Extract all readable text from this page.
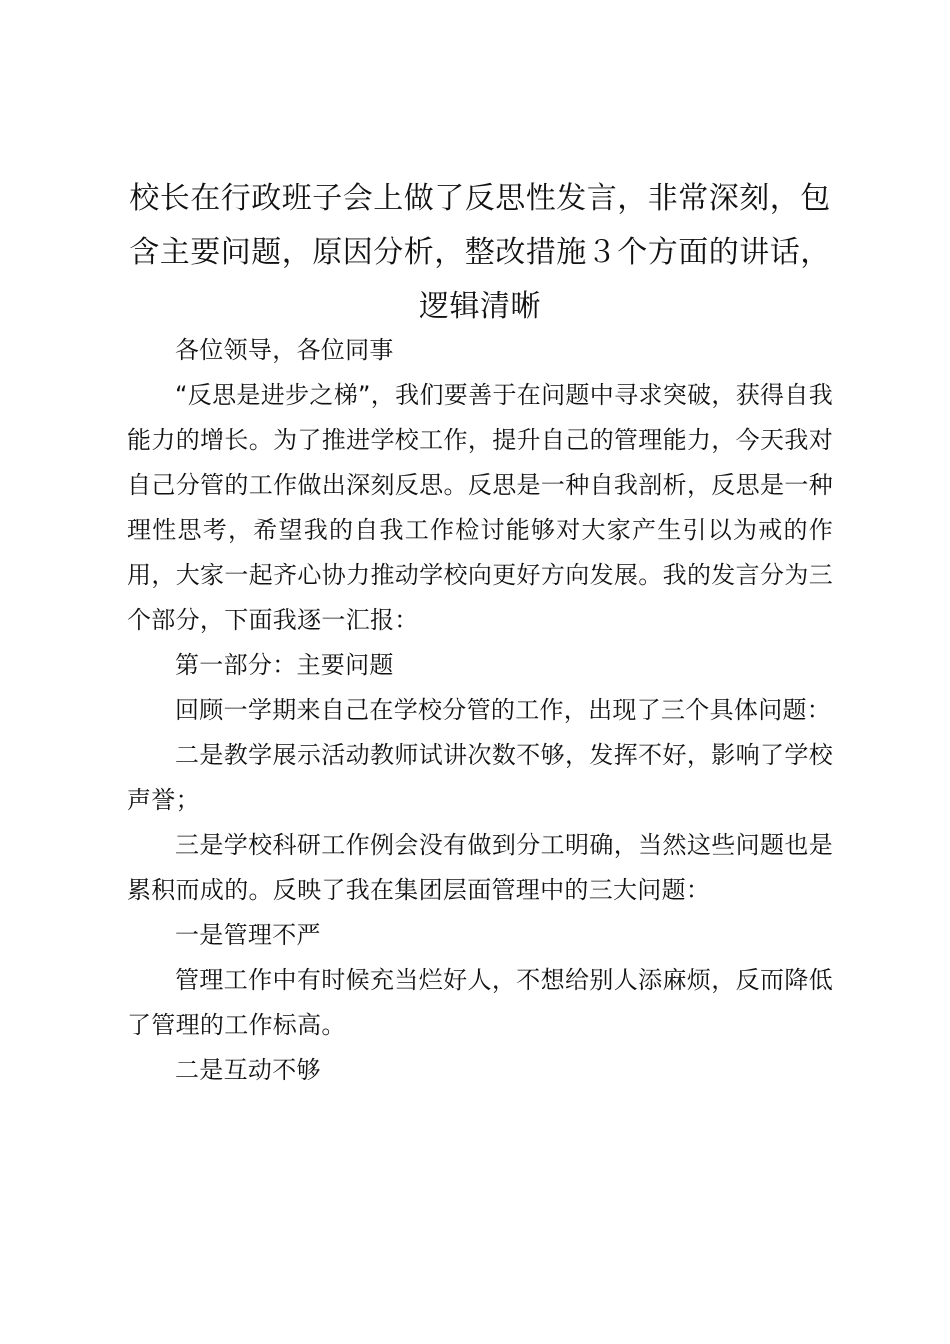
校长在行政班子会上做了反思性发言，非常深刻，包含主要问题，原因分析，整改措施３个方面的讲话，逻辑清晰

各位领导，各位同事

“反思是进步之梯”，我们要善于在问题中寻求突破，获得自我能力的增长。为了推进学校工作，提升自己的管理能力，今天我对自己分管的工作做出深刻反思。反思是一种自我剖析，反思是一种理性思考，希望我的自我工作检讨能够对大家产生引以为戒的作用，大家一起齐心协力推动学校向更好方向发展。我的发言分为三个部分，下面我逐一汇报：

第一部分：主要问题

回顾一学期来自己在学校分管的工作，出现了三个具体问题：

二是教学展示活动教师试讲次数不够，发挥不好，影响了学校声誉；

三是学校科研工作例会没有做到分工明确，当然这些问题也是累积而成的。反映了我在集团层面管理中的三大问题：

一是管理不严

管理工作中有时候充当烂好人，不想给别人添麻烦，反而降低了管理的工作标高。

二是互动不够
